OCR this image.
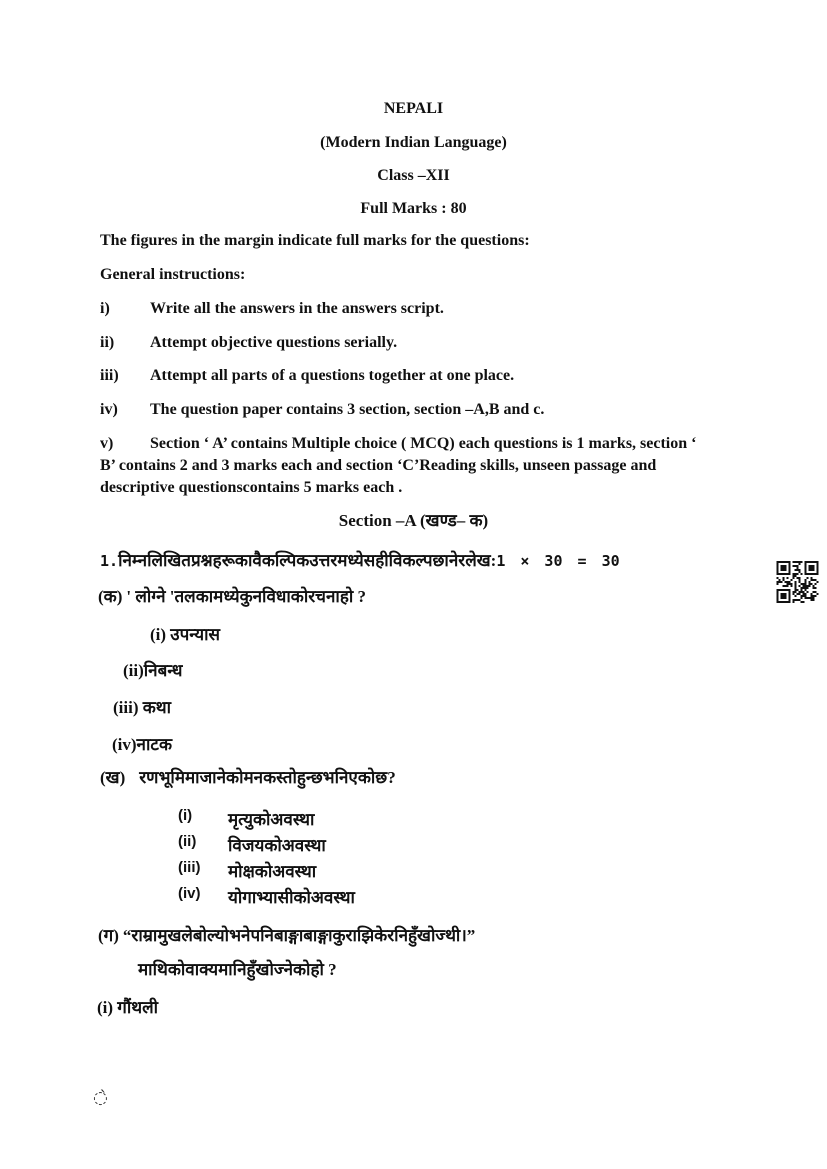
NEPALI
(Modern Indian Language)
Class –XII
Full Marks : 80
The figures in the margin indicate full marks for the questions:
General instructions:
i)	Write all the answers in the answers script.
ii)	Attempt objective questions serially.
iii)	Attempt all parts of a questions together at one place.
iv)	The question paper contains 3 section, section –A,B and c.
v) Section ‘ A’ contains Multiple choice ( MCQ) each questions is 1 marks, section ‘
B’ contains 2 and 3 marks each and section ‘C’Reading skills, unseen passage and
descriptive questionscontains 5 marks each .
Section –A (खण्ड– क)
1.निम्नलिखितप्रश्नहरूकावैकल्पिकउत्तरमध्येसहीविकल्पछानेरलेख:1 × 30 = 30
(क) ' लोग्ने 'तलकामध्येकुनविधाकोरचनाहो ?
(i) उपन्यास
(ii)निबन्ध
(iii) कथा
(iv)नाटक
(ख) रणभूमिमाजानेकोमनकस्तोहुन्छभनिएकोछ?
(i)	मृत्युकोअवस्था
(ii)	विजयकोअवस्था
(iii)	मोक्षकोअवस्था
(iv)	योगाभ्यासीकोअवस्था
(ग) “राम्रामुखलेबोल्योभनेपनिबाङ्गाबाङ्गाकुराझिकेरनिहुँखोज्थी।”
माथिकोवाक्यमानिहुँखोज्नेकोहो ?
(i) गौंथली
◌̀
